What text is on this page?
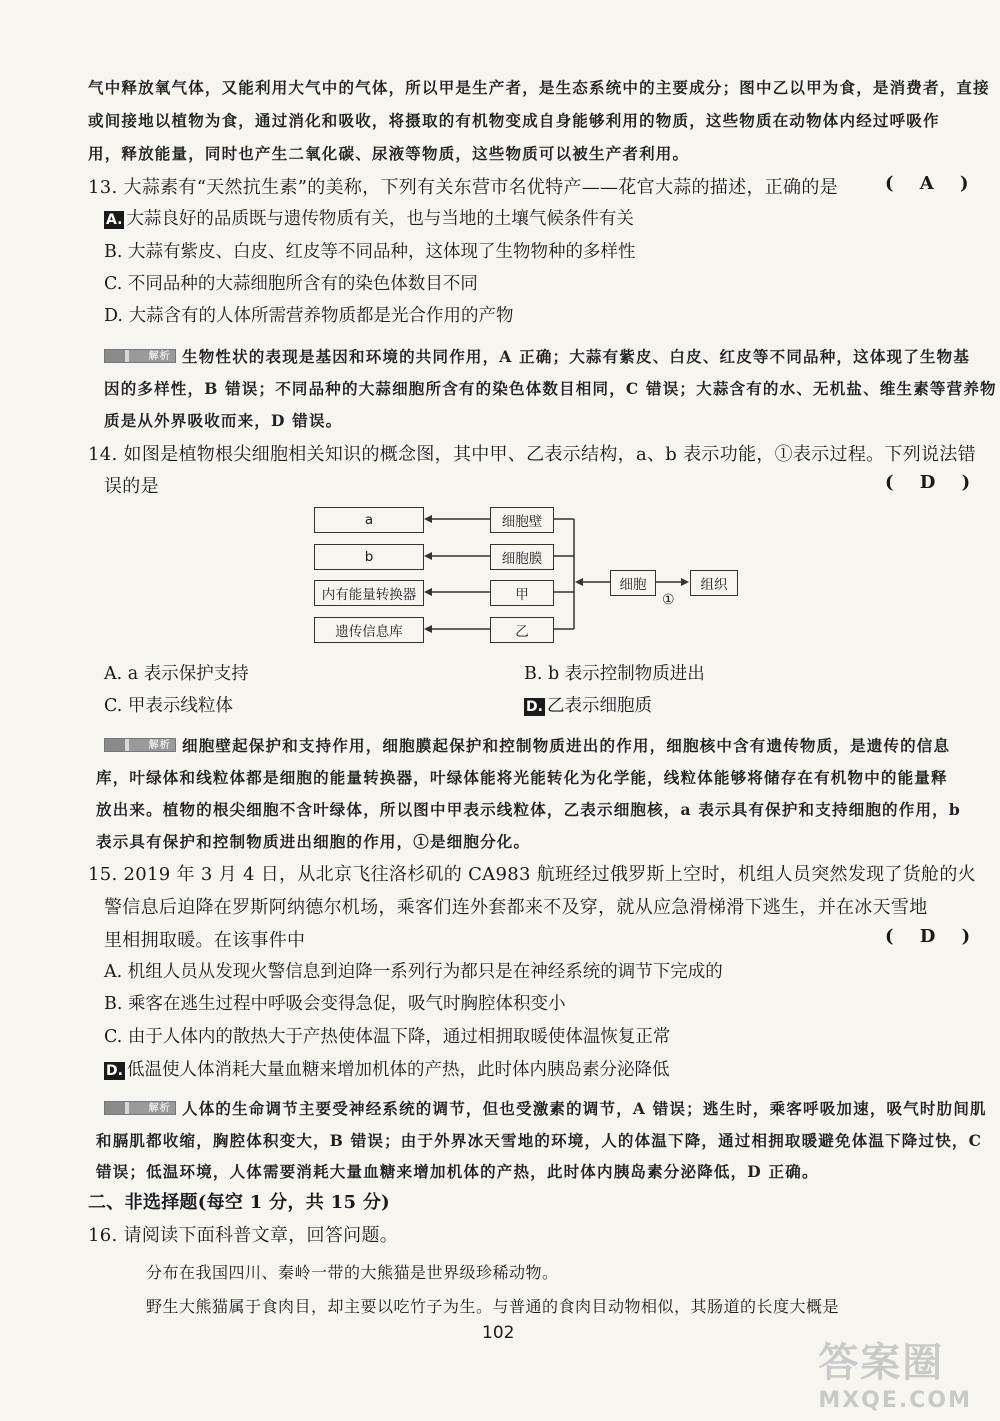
气中释放氧气体，又能利用大气中的气体，所以甲是生产者，是生态系统中的主要成分；图中乙以甲为食，是消费者，直接
或间接地以植物为食，通过消化和吸收，将摄取的有机物变成自身能够利用的物质，这些物质在动物体内经过呼吸作
用，释放能量，同时也产生二氧化碳、尿液等物质，这些物质可以被生产者利用。
13. 大蒜素有“天然抗生素”的美称，下列有关东营市名优特产——花官大蒜的描述，正确的是	( A )
A. 大蒜良好的品质既与遗传物质有关，也与当地的土壤气候条件有关
B. 大蒜有紫皮、白皮、红皮等不同品种，这体现了生物物种的多样性
C. 不同品种的大蒜细胞所含有的染色体数目不同
D. 大蒜含有的人体所需营养物质都是光合作用的产物
解析 生物性状的表现是基因和环境的共同作用，A 正确；大蒜有紫皮、白皮、红皮等不同品种，这体现了生物基
因的多样性，B 错误；不同品种的大蒜细胞所含有的染色体数目相同，C 错误；大蒜含有的水、无机盐、维生素等营养物
质是从外界吸收而来，D 错误。
14. 如图是植物根尖细胞相关知识的概念图，其中甲、乙表示结构，a、b 表示功能，①表示过程。下列说法错
误的是	( D )
a
b
内有能量转换器
遗传信息库
细胞壁
细胞膜
甲
乙
细胞	组织
①
A. a 表示保护支持	B. b 表示控制物质进出
C. 甲表示线粒体	D. 乙表示细胞质
解析 细胞壁起保护和支持作用，细胞膜起保护和控制物质进出的作用，细胞核中含有遗传物质，是遗传的信息
库，叶绿体和线粒体都是细胞的能量转换器，叶绿体能将光能转化为化学能，线粒体能够将储存在有机物中的能量释
放出来。植物的根尖细胞不含叶绿体，所以图中甲表示线粒体，乙表示细胞核，a 表示具有保护和支持细胞的作用，b
表示具有保护和控制物质进出细胞的作用，①是细胞分化。
15. 2019 年 3 月 4 日，从北京飞往洛杉矶的 CA983 航班经过俄罗斯上空时，机组人员突然发现了货舱的火
警信息后迫降在罗斯阿纳德尔机场，乘客们连外套都来不及穿，就从应急滑梯滑下逃生，并在冰天雪地
里相拥取暖。在该事件中	( D )
A. 机组人员从发现火警信息到迫降一系列行为都只是在神经系统的调节下完成的
B. 乘客在逃生过程中呼吸会变得急促，吸气时胸腔体积变小
C. 由于人体内的散热大于产热使体温下降，通过相拥取暖使体温恢复正常
D. 低温使人体消耗大量血糖来增加机体的产热，此时体内胰岛素分泌降低
解析 人体的生命调节主要受神经系统的调节，但也受激素的调节，A 错误；逃生时，乘客呼吸加速，吸气时肋间肌
和膈肌都收缩，胸腔体积变大，B 错误；由于外界冰天雪地的环境，人的体温下降，通过相拥取暖避免体温下降过快，C
错误；低温环境，人体需要消耗大量血糖来增加机体的产热，此时体内胰岛素分泌降低，D 正确。
二、非选择题(每空 1 分，共 15 分)
16. 请阅读下面科普文章，回答问题。
分布在我国四川、秦岭一带的大熊猫是世界级珍稀动物。
野生大熊猫属于食肉目，却主要以吃竹子为生。与普通的食肉目动物相似，其肠道的长度大概是
102
答案圈
MXQE.COM
